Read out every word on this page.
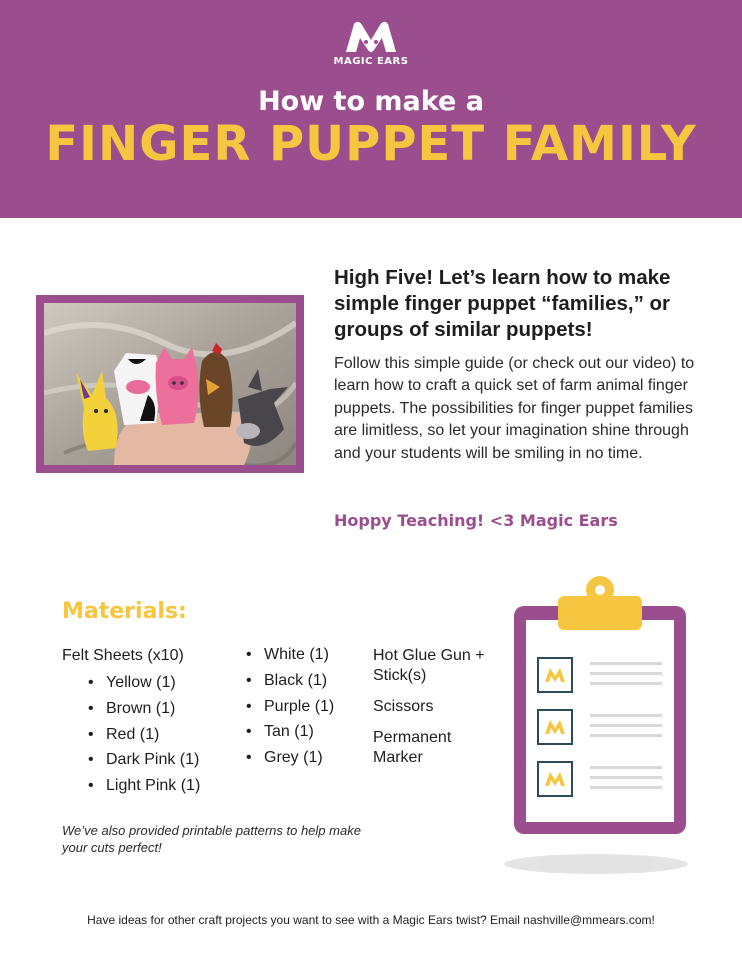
MAGIC EARS
How to make a
FINGER PUPPET FAMILY
High Five! Let’s learn how to make simple finger puppet “families,” or groups of similar puppets!
Follow this simple guide (or check out our video) to learn how to craft a quick set of farm animal finger puppets. The possibilities for finger puppet families are limitless, so let your imagination shine through and your students will be smiling in no time.
Hoppy Teaching! <3 Magic Ears
Materials:
Felt Sheets (x10)
• Yellow (1)
• Brown (1)
• Red (1)
• Dark Pink (1)
• Light Pink (1)
• White (1)
• Black (1)
• Purple (1)
• Tan (1)
• Grey (1)
Hot Glue Gun + Stick(s)
Scissors
Permanent Marker
We’ve also provided printable patterns to help make your cuts perfect!
Have ideas for other craft projects you want to see with a Magic Ears twist? Email nashville@mmears.com!
